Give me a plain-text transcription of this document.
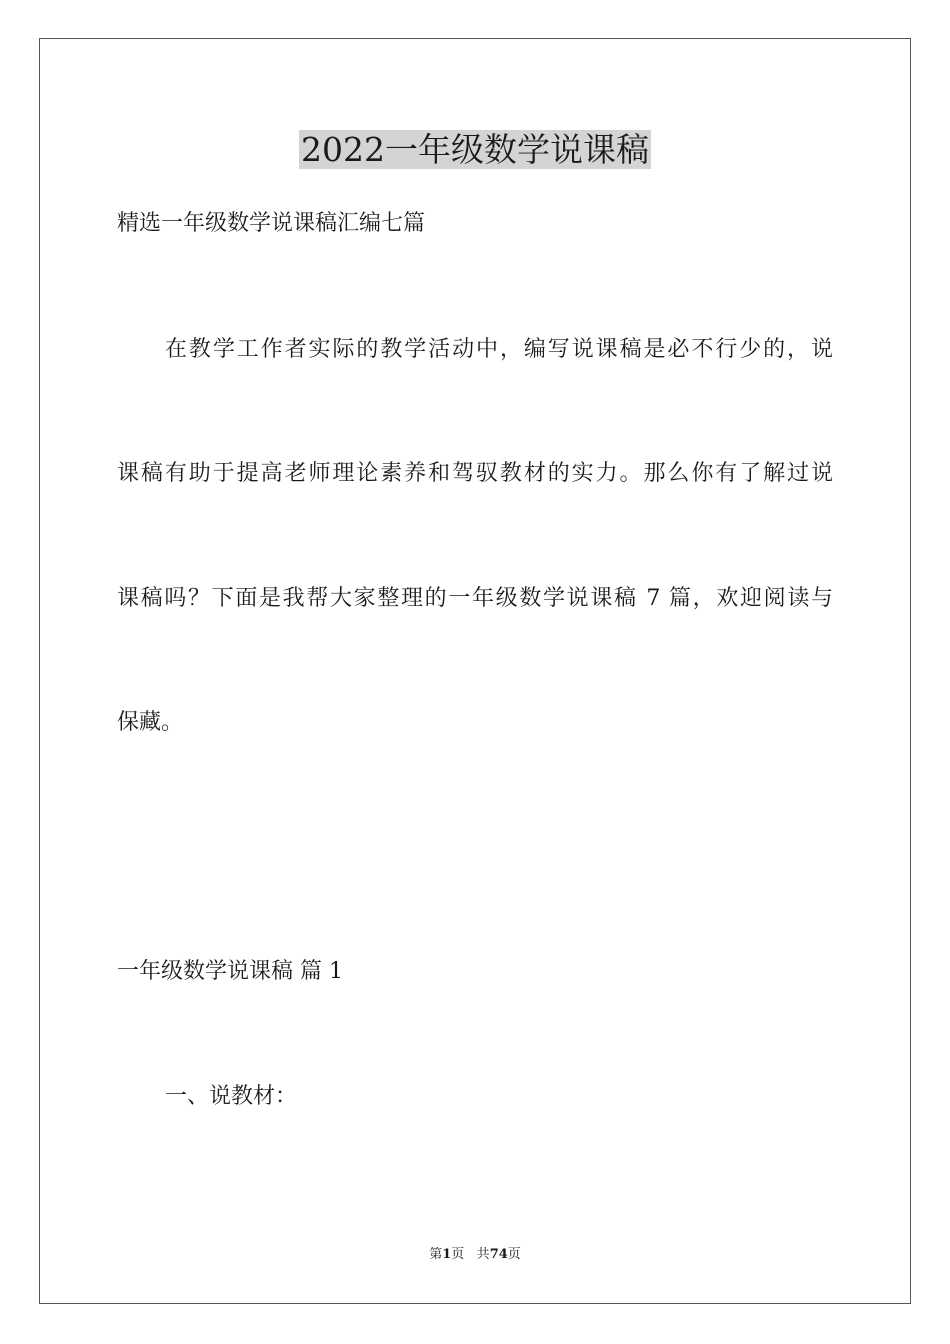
2022一年级数学说课稿

精选一年级数学说课稿汇编七篇

在教学工作者实际的教学活动中，编写说课稿是必不行少的，说

课稿有助于提高老师理论素养和驾驭教材的实力。那么你有了解过说

课稿吗？下面是我帮大家整理的一年级数学说课稿 7 篇，欢迎阅读与

保藏。

一年级数学说课稿 篇 1

一、说教材：

第1页 共74页
